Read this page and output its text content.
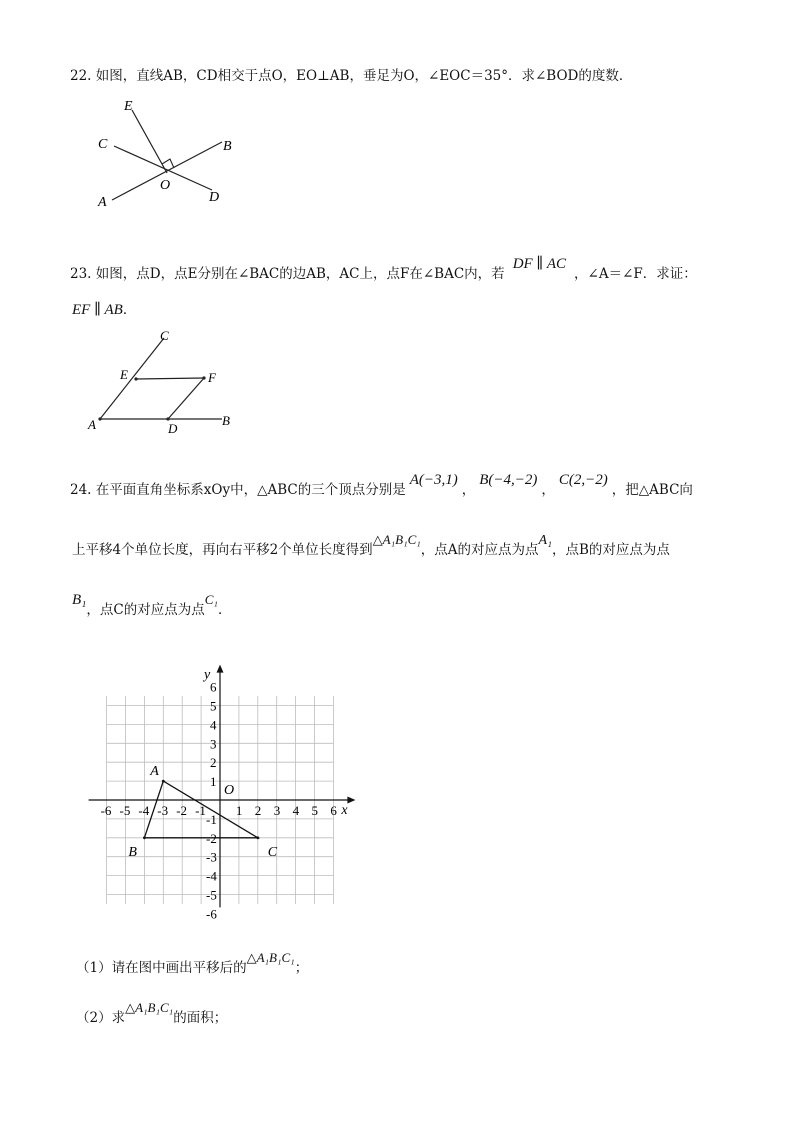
22. 如图，直线AB，CD相交于点O，EO⊥AB，垂足为O，∠EOC＝35°．求∠BOD的度数．
E
C	B
O
A	D
23. 如图，点D，点E分别在∠BAC的边AB，AC上，点F在∠BAC内，若DF ∥ AC，∠A＝∠F．求证：
EF ∥ AB．
C
E	F
A	D
B
24. 在平面直角坐标系xOy中，△ABC的三个顶点分别是A(−3,1)，B(−4,−2)，C(2,−2)，把△ABC向
上平移4个单位长度，再向右平移2个单位长度得到△A₁B₁C₁，点A的对应点为点A₁，点B的对应点为点
B₁，点C的对应点为点C₁．
x
y
O
-6 -5 -4 -3 -2 -1 1 2 3 4 5 6
6
5
4
3
2
1
-1
-2
-3
-4
-5
-6
A
B	C
（1）请在图中画出平移后的△A₁B₁C₁；
（2）求△A₁B₁C₁的面积；
